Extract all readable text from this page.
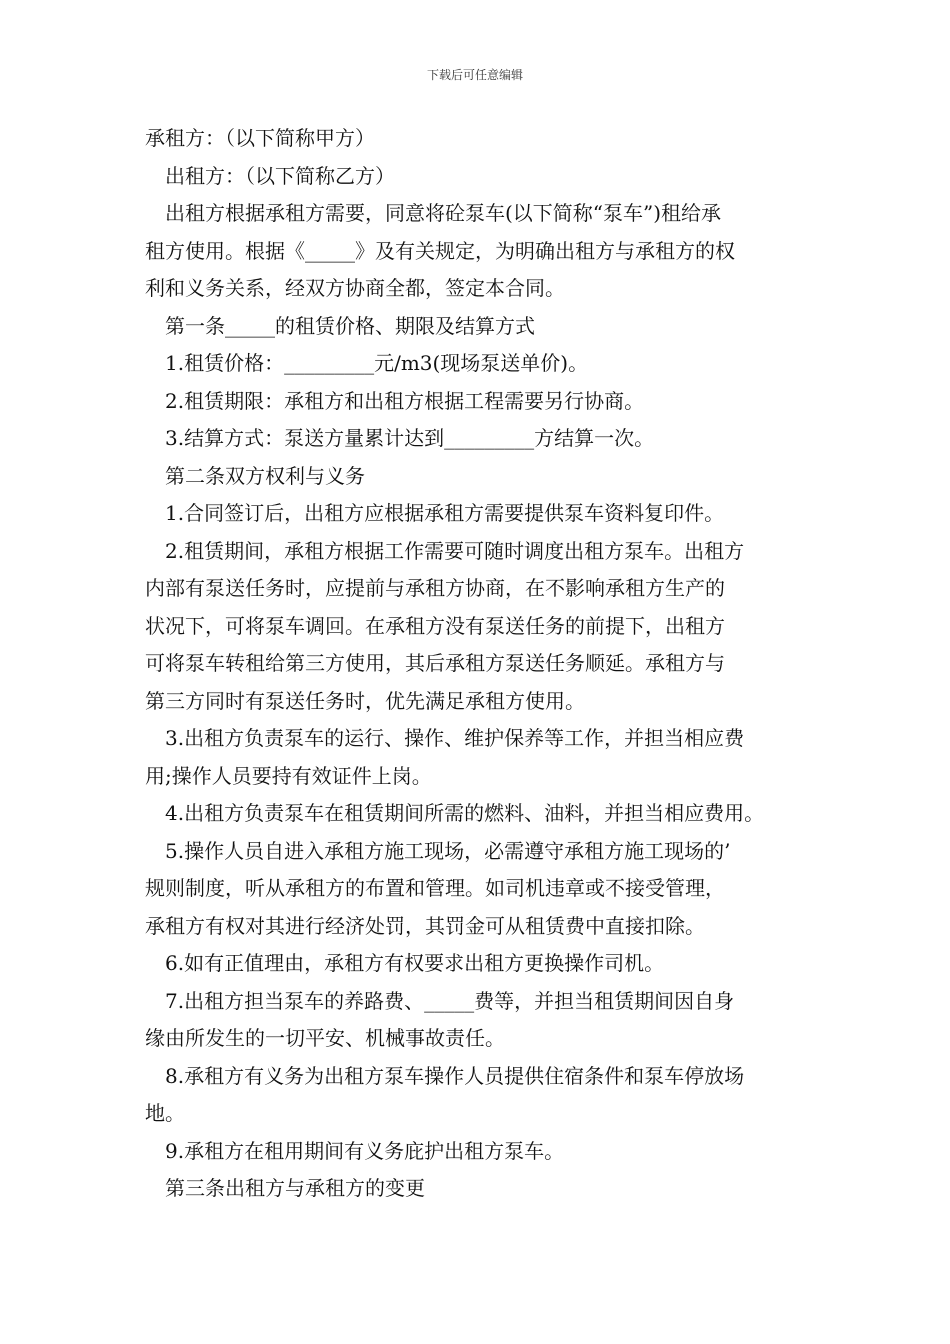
下载后可任意编辑
承租方：（以下简称甲方）
出租方：（以下简称乙方）
出租方根据承租方需要，同意将砼泵车(以下简称“泵车”)租给承
租方使用。根据《_____》及有关规定，为明确出租方与承租方的权
利和义务关系，经双方协商全都，签定本合同。
第一条_____的租赁价格、期限及结算方式
1.租赁价格：_________元/m3(现场泵送单价)。
2.租赁期限：承租方和出租方根据工程需要另行协商。
3.结算方式：泵送方量累计达到_________方结算一次。
第二条双方权利与义务
1.合同签订后，出租方应根据承租方需要提供泵车资料复印件。
2.租赁期间，承租方根据工作需要可随时调度出租方泵车。出租方
内部有泵送任务时，应提前与承租方协商，在不影响承租方生产的
状况下，可将泵车调回。在承租方没有泵送任务的前提下，出租方
可将泵车转租给第三方使用，其后承租方泵送任务顺延。承租方与
第三方同时有泵送任务时，优先满足承租方使用。
3.出租方负责泵车的运行、操作、维护保养等工作，并担当相应费
用;操作人员要持有效证件上岗。
4.出租方负责泵车在租赁期间所需的燃料、油料，并担当相应费用。
5.操作人员自进入承租方施工现场，必需遵守承租方施工现场的’
规则制度，听从承租方的布置和管理。如司机违章或不接受管理，
承租方有权对其进行经济处罚，其罚金可从租赁费中直接扣除。
6.如有正值理由，承租方有权要求出租方更换操作司机。
7.出租方担当泵车的养路费、_____费等，并担当租赁期间因自身
缘由所发生的一切平安、机械事故责任。
8.承租方有义务为出租方泵车操作人员提供住宿条件和泵车停放场
地。
9.承租方在租用期间有义务庇护出租方泵车。
第三条出租方与承租方的变更
